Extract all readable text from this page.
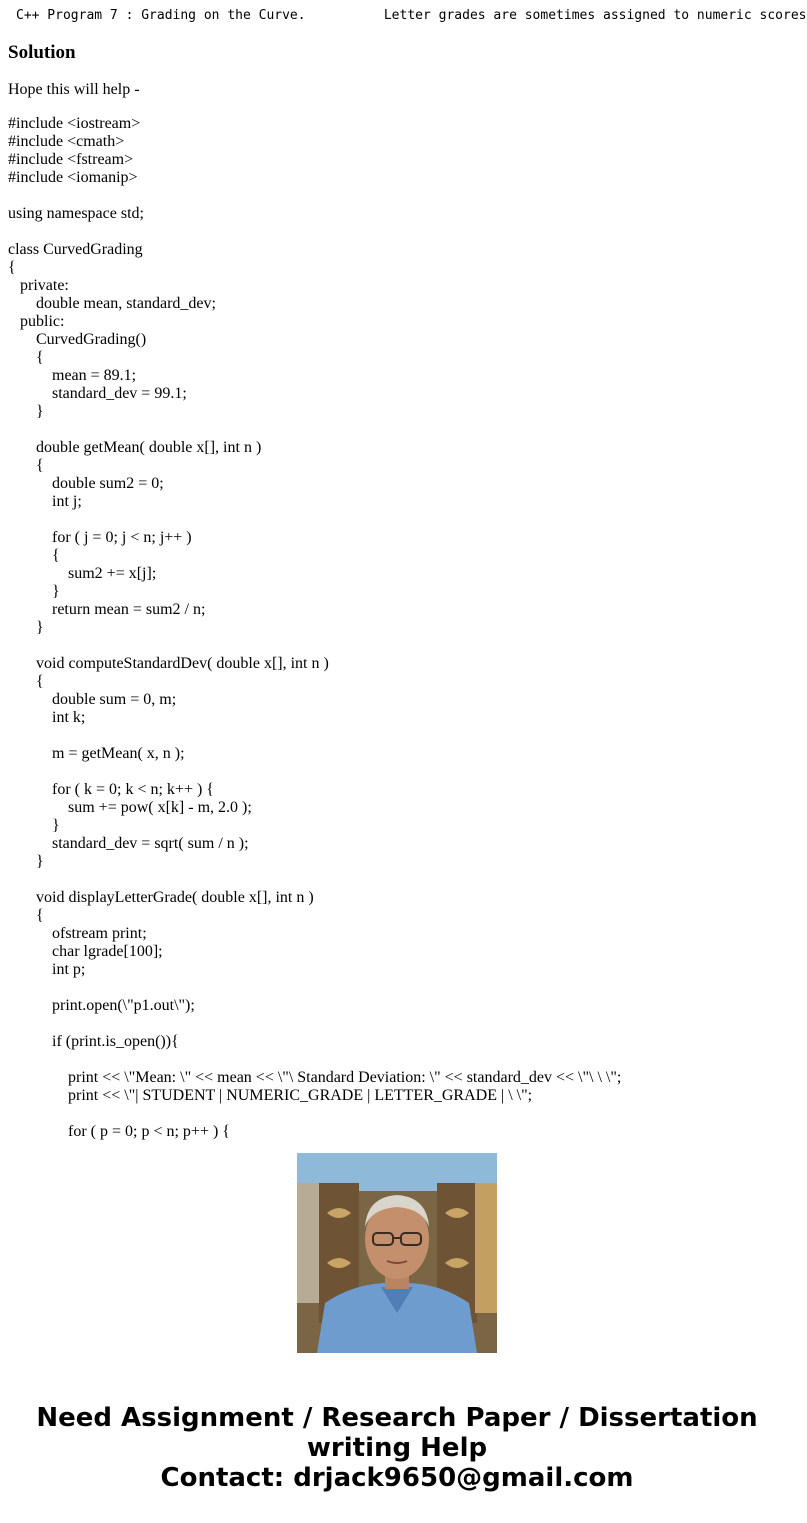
C++ Program 7 : Grading on the Curve.          Letter grades are sometimes assigned to numeric scores
Solution

Hope this will help -

#include <iostream>
#include <cmath>
#include <fstream>
#include <iomanip>
using namespace std;
class CurvedGrading
{
private:
double mean, standard_dev;
public:
CurvedGrading()
{
mean = 89.1;
standard_dev = 99.1;
}
double getMean( double x[], int n )
{
double sum2 = 0;
int j;
for ( j = 0; j < n; j++ )
{
sum2 += x[j];
}
return mean = sum2 / n;
}
void computeStandardDev( double x[], int n )
{
double sum = 0, m;
int k;
m = getMean( x, n );
for ( k = 0; k < n; k++ ) {
sum += pow( x[k] - m, 2.0 );
}
standard_dev = sqrt( sum / n );
}
void displayLetterGrade( double x[], int n )
{
ofstream print;
char lgrade[100];
int p;
print.open(\"p1.out\");
if (print.is_open()){
print << \"Mean: \" << mean << \"\ Standard Deviation: \" << standard_dev << \"\ \ \";
print << \"| STUDENT | NUMERIC_GRADE | LETTER_GRADE | \ \";
for ( p = 0; p < n; p++ ) {
Need Assignment / Research Paper / Dissertation
writing Help
Contact: drjack9650@gmail.com
